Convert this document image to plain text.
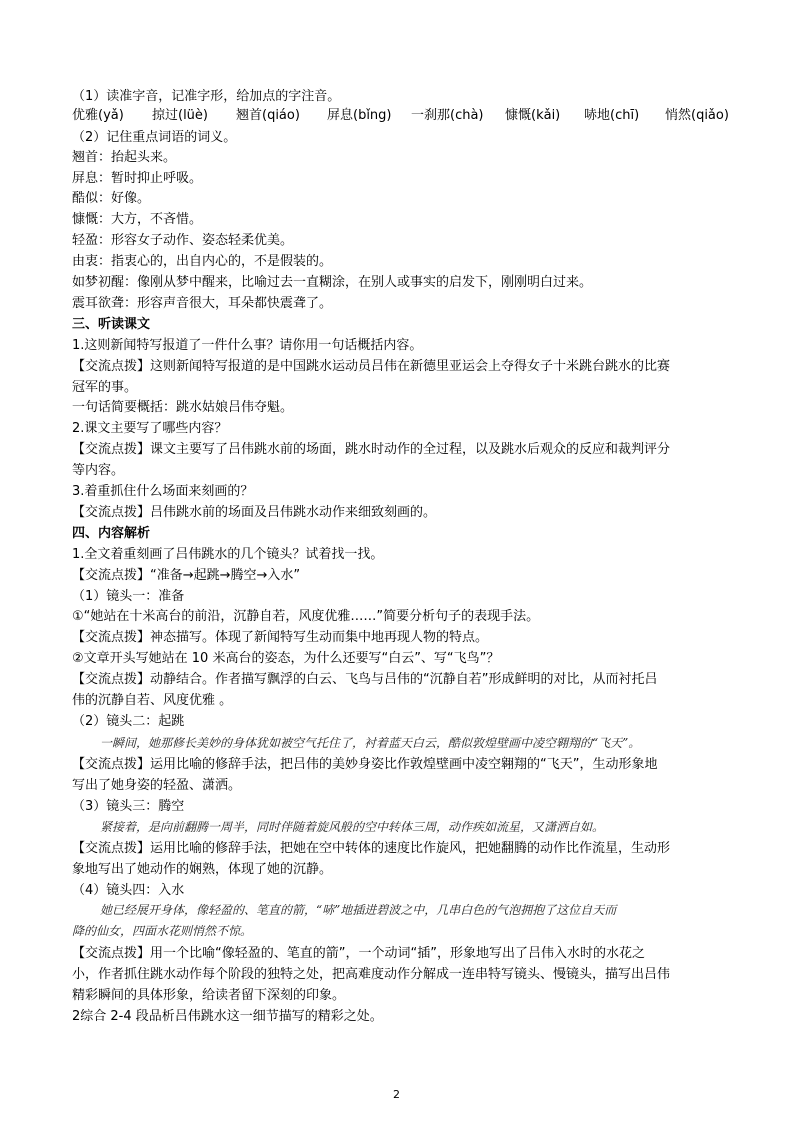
（1）读准字音，记准字形，给加点的字注音。
优雅(yǎ) 掠过(lüè) 翘首(qiáo) 屏息(bǐng) 一刹那(chà) 慷慨(kǎi) 哧地(chī) 悄然(qiǎo)
（2）记住重点词语的词义。
翘首：抬起头来。
屏息：暂时抑止呼吸。
酷似：好像。
慷慨：大方，不吝惜。
轻盈：形容女子动作、姿态轻柔优美。
由衷：指衷心的，出自内心的，不是假装的。
如梦初醒：像刚从梦中醒来，比喻过去一直糊涂，在别人或事实的启发下，刚刚明白过来。
震耳欲聋：形容声音很大，耳朵都快震聋了。
三、听读课文
1.这则新闻特写报道了一件什么事？请你用一句话概括内容。
【交流点拨】这则新闻特写报道的是中国跳水运动员吕伟在新德里亚运会上夺得女子十米跳台跳水的比赛
冠军的事。
一句话简要概括：跳水姑娘吕伟夺魁。
2.课文主要写了哪些内容？
【交流点拨】课文主要写了吕伟跳水前的场面，跳水时动作的全过程，以及跳水后观众的反应和裁判评分
等内容。
3.着重抓住什么场面来刻画的？
【交流点拨】吕伟跳水前的场面及吕伟跳水动作来细致刻画的。
四、内容解析
1.全文着重刻画了吕伟跳水的几个镜头？试着找一找。
【交流点拨】“准备→起跳→腾空→入水”
（1）镜头一：准备
①“她站在十米高台的前沿，沉静自若，风度优雅……”简要分析句子的表现手法。
【交流点拨】神态描写。体现了新闻特写生动而集中地再现人物的特点。
②文章开头写她站在 10 米高台的姿态，为什么还要写“白云”、写“飞鸟”？
【交流点拨】动静结合。作者描写飘浮的白云、飞鸟与吕伟的“沉静自若”形成鲜明的对比，从而衬托吕
伟的沉静自若、风度优雅 。
（2）镜头二：起跳
一瞬间，她那修长美妙的身体犹如被空气托住了，衬着蓝天白云，酷似敦煌壁画中凌空翱翔的“飞天”。
【交流点拨】运用比喻的修辞手法，把吕伟的美妙身姿比作敦煌壁画中凌空翱翔的“飞天”，生动形象地
写出了她身姿的轻盈、潇洒。
（3）镜头三：腾空
紧接着，是向前翻腾一周半，同时伴随着旋风般的空中转体三周，动作疾如流星，又潇洒自如。
【交流点拨】运用比喻的修辞手法，把她在空中转体的速度比作旋风，把她翻腾的动作比作流星，生动形
象地写出了她动作的娴熟，体现了她的沉静。
（4）镜头四：入水
她已经展开身体，像轻盈的、笔直的箭，“哧”地插进碧波之中，几串白色的气泡拥抱了这位自天而
降的仙女，四面水花则悄然不惊。
【交流点拨】用一个比喻“像轻盈的、笔直的箭”，一个动词“插”，形象地写出了吕伟入水时的水花之
小，作者抓住跳水动作每个阶段的独特之处，把高难度动作分解成一连串特写镜头、慢镜头，描写出吕伟
精彩瞬间的具体形象，给读者留下深刻的印象。
2综合 2-4 段品析吕伟跳水这一细节描写的精彩之处。
2
